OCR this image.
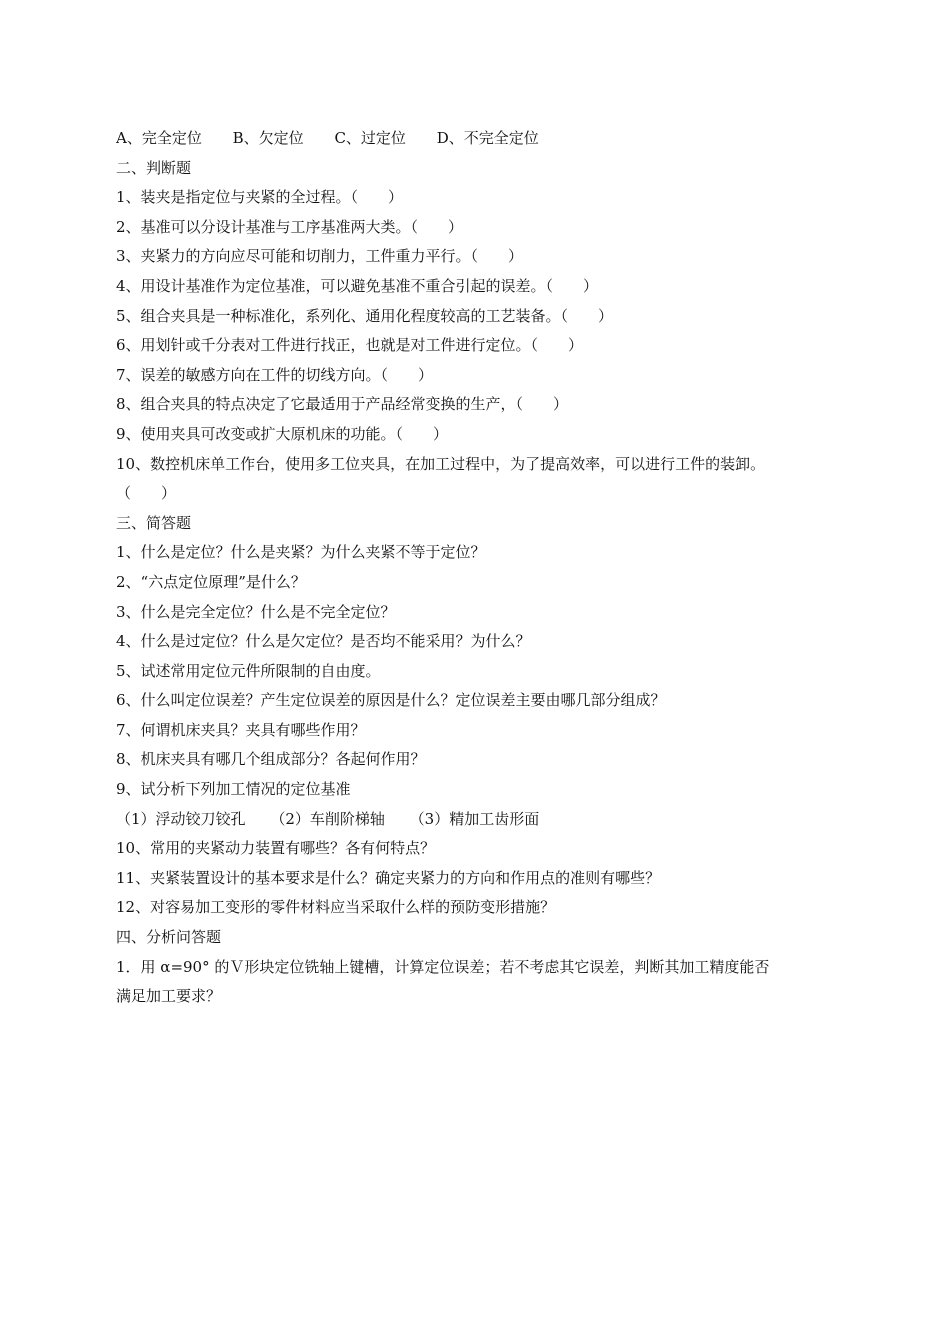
A、完全定位 B、欠定位 C、过定位 D、不完全定位
二、判断题
1、装夹是指定位与夹紧的全过程。（　　）
2、基准可以分设计基准与工序基准两大类。（　　）
3、夹紧力的方向应尽可能和切削力，工件重力平行。（　　）
4、用设计基准作为定位基准，可以避免基准不重合引起的误差。（　　）
5、组合夹具是一种标准化，系列化、通用化程度较高的工艺装备。（　　）
6、用划针或千分表对工件进行找正，也就是对工件进行定位。（　　）
7、误差的敏感方向在工件的切线方向。（　　）
8、组合夹具的特点决定了它最适用于产品经常变换的生产，（　　）
9、使用夹具可改变或扩大原机床的功能。（　　）
10、数控机床单工作台，使用多工位夹具，在加工过程中，为了提高效率，可以进行工件的装卸。
（　　）
三、简答题
1、什么是定位？什么是夹紧？为什么夹紧不等于定位？
2、“六点定位原理”是什么？
3、什么是完全定位？什么是不完全定位？
4、什么是过定位？什么是欠定位？是否均不能采用？为什么？
5、试述常用定位元件所限制的自由度。
6、什么叫定位误差？产生定位误差的原因是什么？定位误差主要由哪几部分组成？
7、何谓机床夹具？夹具有哪些作用？
8、机床夹具有哪几个组成部分？各起何作用？
9、试分析下列加工情况的定位基准
（1）浮动铰刀铰孔 （2）车削阶梯轴 （3）精加工齿形面
10、常用的夹紧动力装置有哪些？各有何特点？
11、夹紧装置设计的基本要求是什么？确定夹紧力的方向和作用点的准则有哪些？
12、对容易加工变形的零件材料应当采取什么样的预防变形措施？
四、分析问答题
1．用 α=90° 的Ｖ形块定位铣轴上键槽，计算定位误差；若不考虑其它误差，判断其加工精度能否
满足加工要求？
